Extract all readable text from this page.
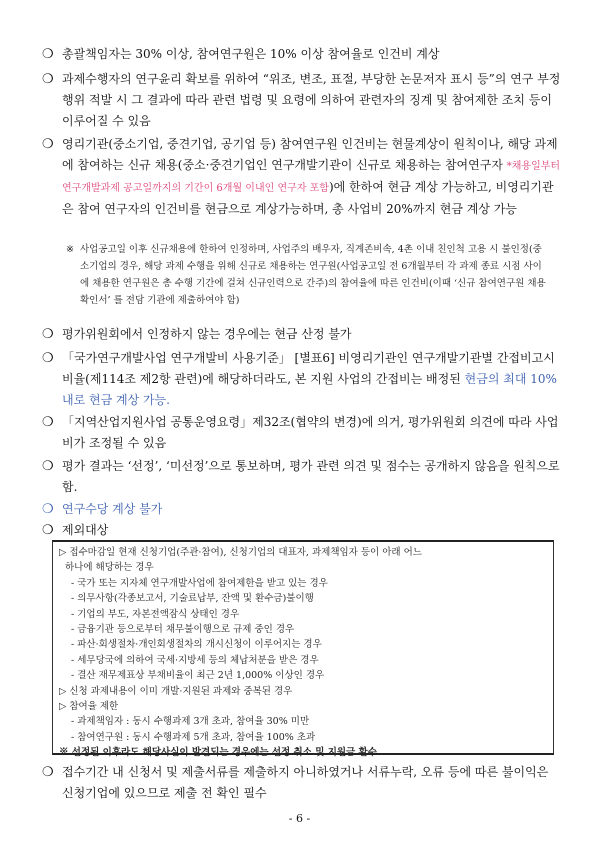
❍ 총괄책임자는 30% 이상, 참여연구원은 10% 이상 참여율로 인건비 계상
❍ 과제수행자의 연구윤리 확보를 위하여 “위조, 변조, 표절, 부당한 논문저자 표시 등”의 연구 부정행위 적발 시 그 결과에 따라 관련 법령 및 요령에 의하여 관련자의 징계 및 참여제한 조치 등이 이루어질 수 있음
❍ 영리기관(중소기업, 중견기업, 공기업 등) 참여연구원 인건비는 현물계상이 원칙이나, 해당 과제에 참여하는 신규 채용(중소·중견기업인 연구개발기관이 신규로 채용하는 참여연구자 *채용일부터 연구개발과제 공고일까지의 기간이 6개월 이내인 연구자 포함)에 한하여 현금 계상 가능하고, 비영리기관은 참여 연구자의 인건비를 현금으로 계상가능하며, 총 사업비 20%까지 현금 계상 가능
※ 사업공고일 이후 신규채용에 한하여 인정하며, 사업주의 배우자, 직계존비속, 4촌 이내 친인척 고용 시 불인정(중소기업의 경우, 해당 과제 수행을 위해 신규로 채용하는 연구원(사업공고일 전 6개월부터 각 과제 종료 시점 사이에 채용한 연구원은 총 수행 기간에 걸쳐 신규인력으로 간주)의 참여율에 따른 인건비(이때 ‘신규 참여연구원 채용 확인서’ 를 전담 기관에 제출하여야 함)
❍ 평가위원회에서 인정하지 않는 경우에는 현금 산정 불가
❍ 「국가연구개발사업 연구개발비 사용기준」 [별표6] 비영리기관인 연구개발기관별 간접비고시비율(제114조 제2항 관련)에 해당하더라도, 본 지원 사업의 간접비는 배정된 현금의 최대 10% 내로 현금 계상 가능.
❍ 「지역산업지원사업 공통운영요령」제32조(협약의 변경)에 의거, 평가위원회 의견에 따라 사업비가 조정될 수 있음
❍ 평가 결과는 ‘선정’, ‘미선정’으로 통보하며, 평가 관련 의견 및 점수는 공개하지 않음을 원칙으로함.
❍ 연구수당 계상 불가
❍ 제외대상
▷ 접수마감일 현재 신청기업(주관·참여), 신청기업의 대표자, 과제책임자 등이 아래 어느
하나에 해당하는 경우
- 국가 또는 지자체 연구개발사업에 참여제한을 받고 있는 경우
- 의무사항(각종보고서, 기술료납부, 잔액 및 환수금)불이행
- 기업의 부도, 자본전액잠식 상태인 경우
- 금융기관 등으로부터 채무불이행으로 규제 중인 경우
- 파산·회생절차·개인회생절차의 개시신청이 이루어지는 경우
- 세무당국에 의하여 국세·지방세 등의 체납처분을 받은 경우
- 결산 재무제표상 부채비율이 최근 2년 1,000% 이상인 경우
▷ 신청 과제내용이 이미 개발·지원된 과제와 중복된 경우
▷ 참여율 제한
- 과제책임자 : 동시 수행과제 3개 초과, 참여율 30% 미만
- 참여연구원 : 동시 수행과제 5개 초과, 참여율 100% 초과
※ 선정된 이후라도 해당사실이 발견되는 경우에는 선정 취소 및 지원금 환수
❍ 접수기간 내 신청서 및 제출서류를 제출하지 아니하였거나 서류누락, 오류 등에 따른 불이익은 신청기업에 있으므로 제출 전 확인 필수
- 6 -
